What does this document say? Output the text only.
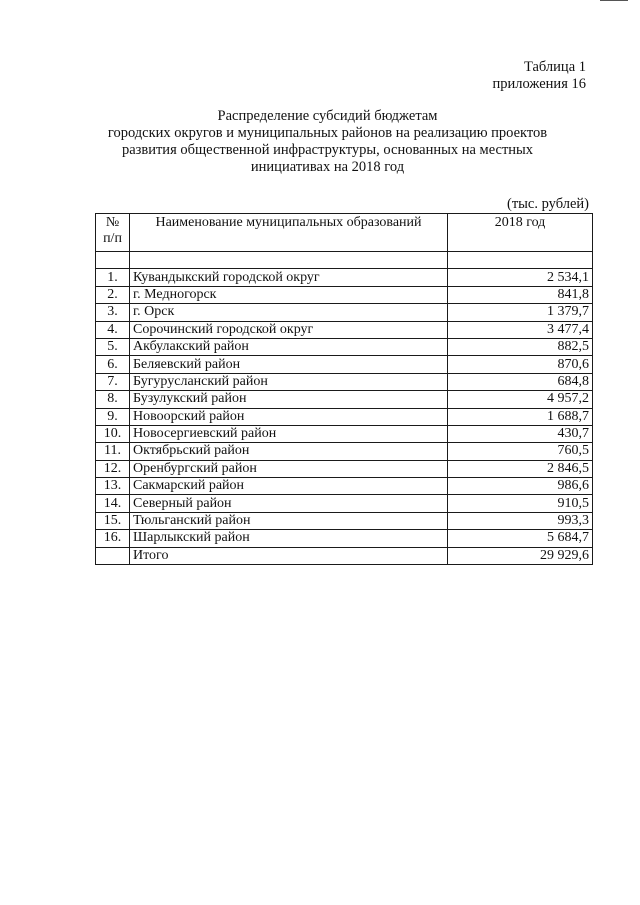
Таблица 1
приложения 16
Распределение субсидий бюджетам
городских округов и муниципальных районов на реализацию проектов
развития общественной инфраструктуры, основанных на местных
инициативах на 2018 год
(тыс. рублей)
№
п/п	Наименование муниципальных образований	2018 год

1.	Кувандыкский городской округ	2 534,1
2.	г. Медногорск	841,8
3.	г. Орск	1 379,7
4.	Сорочинский городской округ	3 477,4
5.	Акбулакский район	882,5
6.	Беляевский район	870,6
7.	Бугурусланский район	684,8
8.	Бузулукский район	4 957,2
9.	Новоорский район	1 688,7
10.	Новосергиевский район	430,7
11.	Октябрьский район	760,5
12.	Оренбургский район	2 846,5
13.	Сакмарский район	986,6
14.	Северный район	910,5
15.	Тюльганский район	993,3
16.	Шарлыкский район	5 684,7
	Итого	29 929,6
